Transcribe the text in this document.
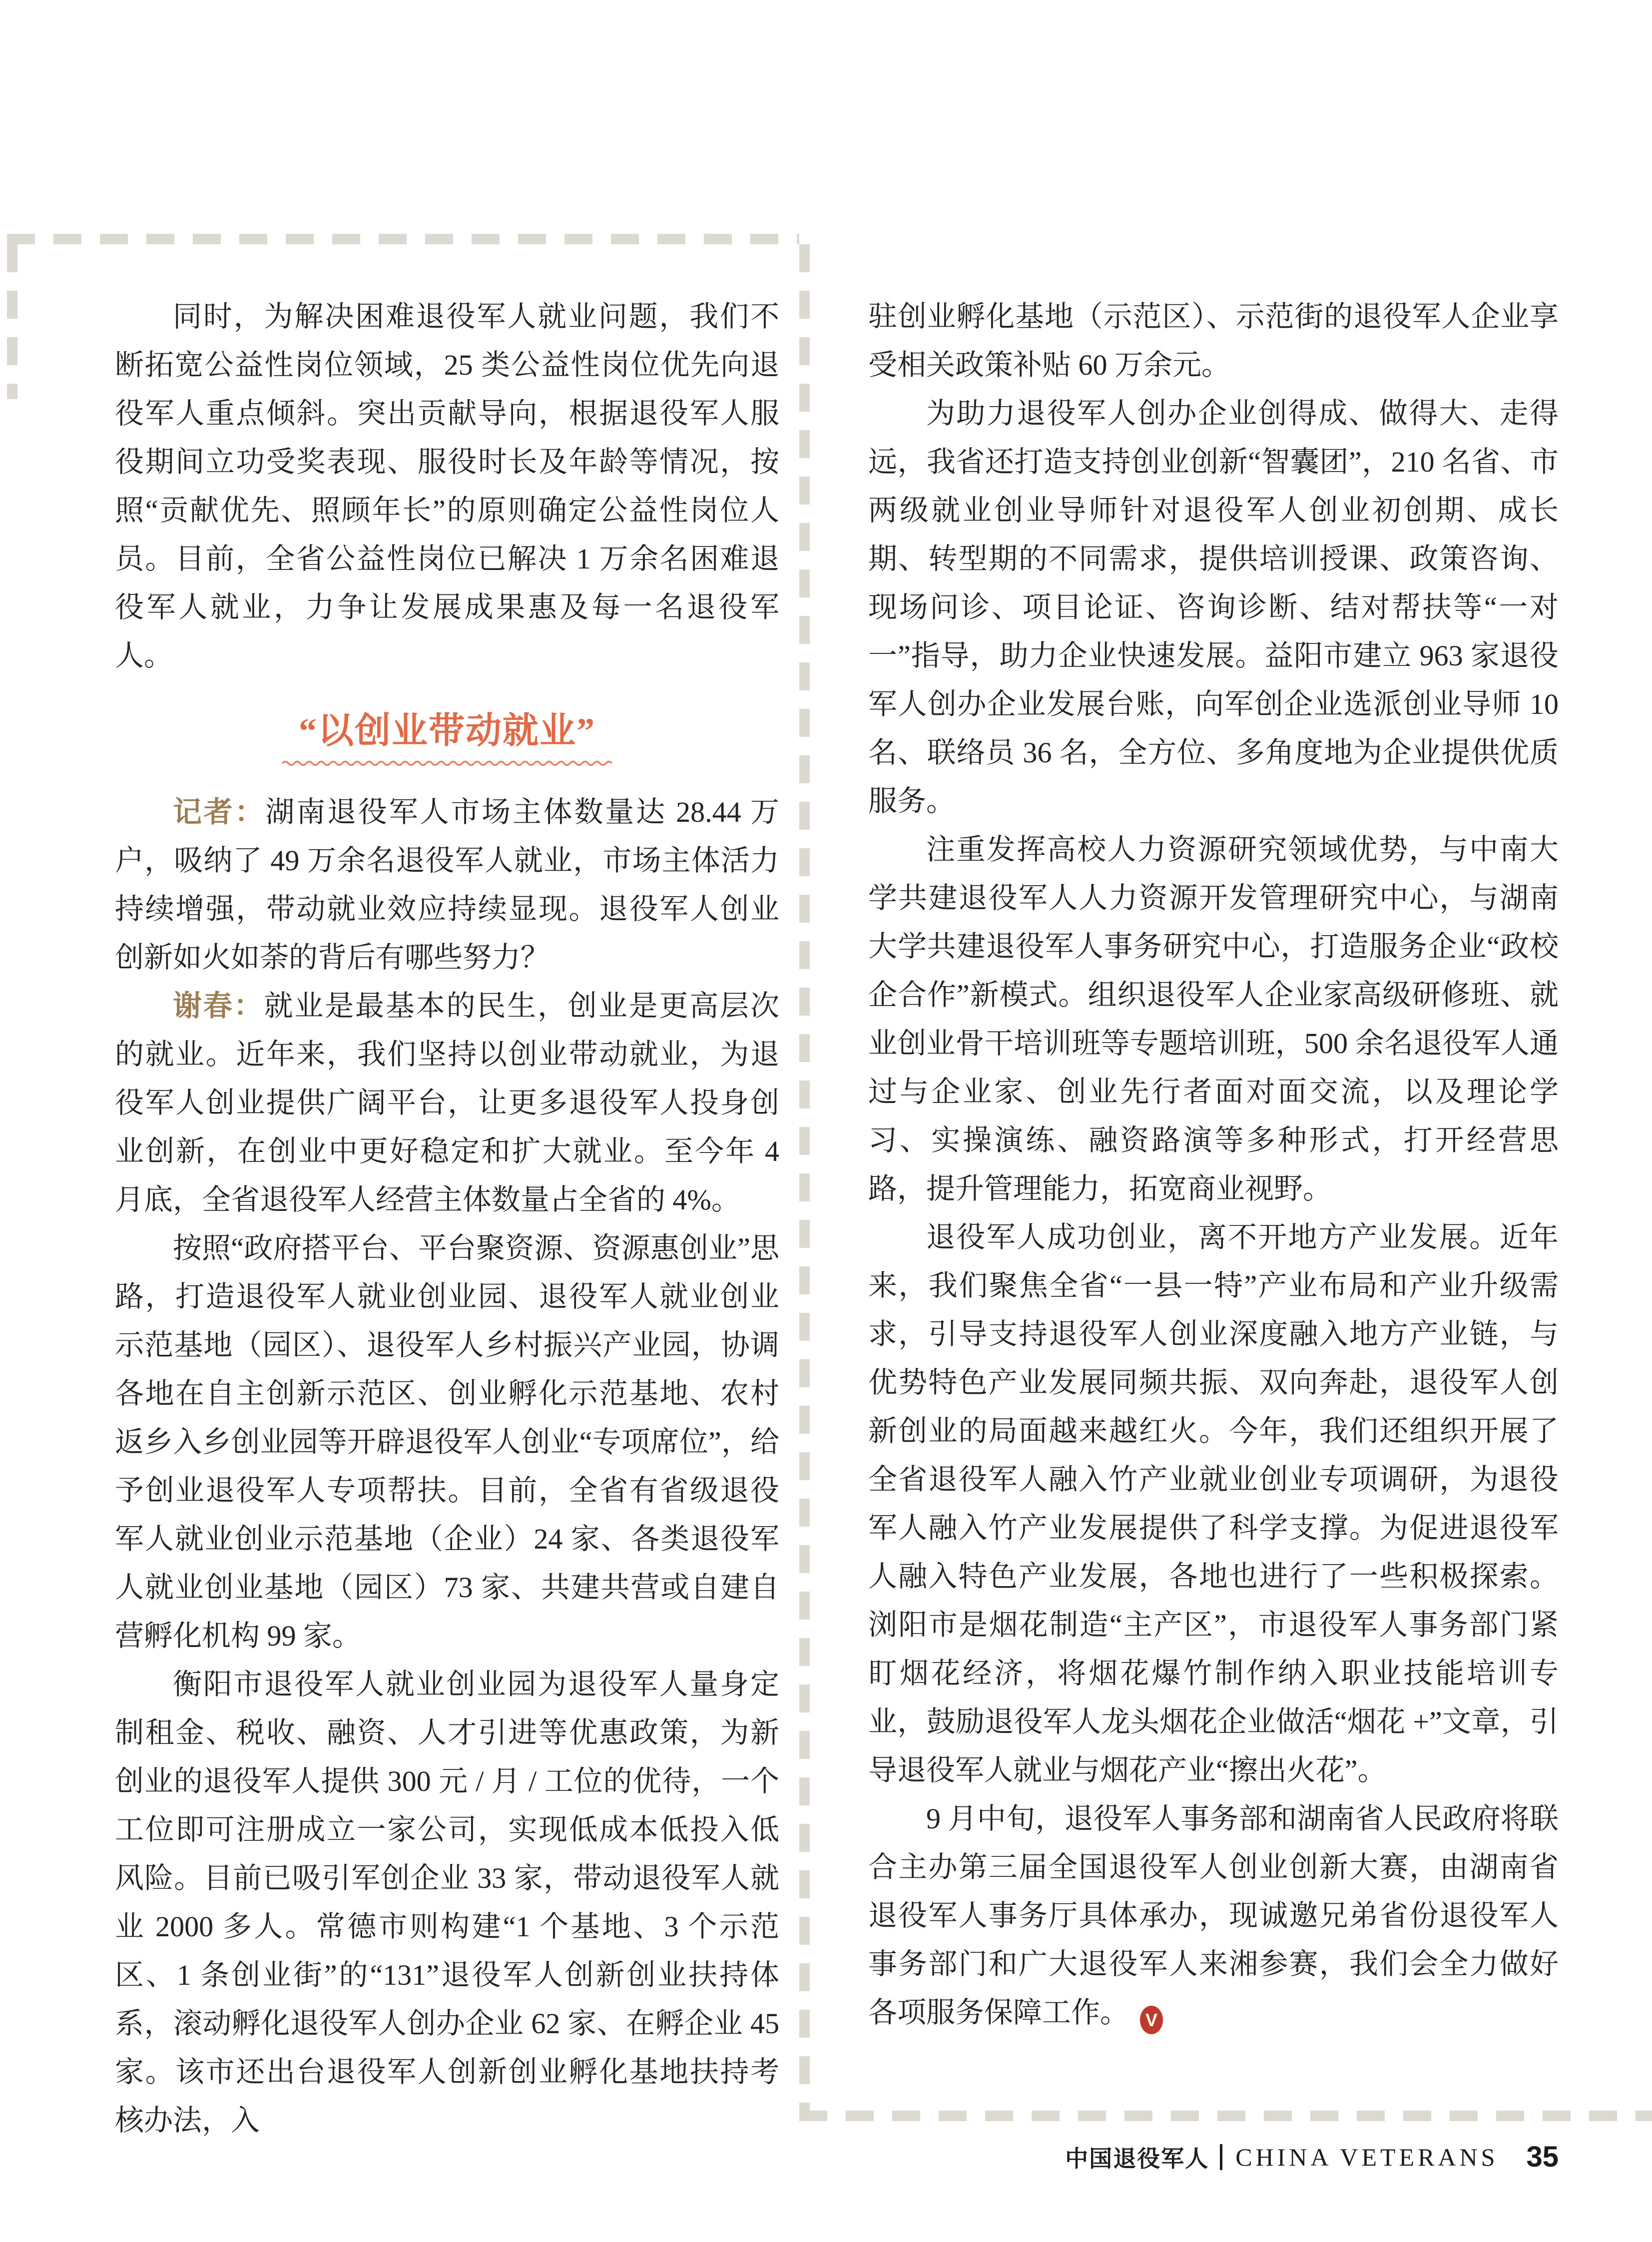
同时，为解决困难退役军人就业问题，我们不断拓宽公益性岗位领域，25 类公益性岗位优先向退役军人重点倾斜。突出贡献导向，根据退役军人服役期间立功受奖表现、服役时长及年龄等情况，按照“贡献优先、照顾年长”的原则确定公益性岗位人员。目前，全省公益性岗位已解决 1 万余名困难退役军人就业，力争让发展成果惠及每一名退役军人。

“以创业带动就业”

记者：湖南退役军人市场主体数量达 28.44 万户，吸纳了 49 万余名退役军人就业，市场主体活力持续增强，带动就业效应持续显现。退役军人创业创新如火如荼的背后有哪些努力？

谢春：就业是最基本的民生，创业是更高层次的就业。近年来，我们坚持以创业带动就业，为退役军人创业提供广阔平台，让更多退役军人投身创业创新，在创业中更好稳定和扩大就业。至今年 4 月底，全省退役军人经营主体数量占全省的 4%。

按照“政府搭平台、平台聚资源、资源惠创业”思路，打造退役军人就业创业园、退役军人就业创业示范基地（园区）、退役军人乡村振兴产业园，协调各地在自主创新示范区、创业孵化示范基地、农村返乡入乡创业园等开辟退役军人创业“专项席位”，给予创业退役军人专项帮扶。目前，全省有省级退役军人就业创业示范基地（企业）24 家、各类退役军人就业创业基地（园区）73 家、共建共营或自建自营孵化机构 99 家。

衡阳市退役军人就业创业园为退役军人量身定制租金、税收、融资、人才引进等优惠政策，为新创业的退役军人提供 300 元 / 月 / 工位的优待，一个工位即可注册成立一家公司，实现低成本低投入低风险。目前已吸引军创企业 33 家，带动退役军人就业 2000 多人。常德市则构建“1 个基地、3 个示范区、1 条创业街”的“131”退役军人创新创业扶持体系，滚动孵化退役军人创办企业 62 家、在孵企业 45 家。该市还出台退役军人创新创业孵化基地扶持考核办法，入

驻创业孵化基地（示范区）、示范街的退役军人企业享受相关政策补贴 60 万余元。

为助力退役军人创办企业创得成、做得大、走得远，我省还打造支持创业创新“智囊团”，210 名省、市两级就业创业导师针对退役军人创业初创期、成长期、转型期的不同需求，提供培训授课、政策咨询、现场问诊、项目论证、咨询诊断、结对帮扶等“一对一”指导，助力企业快速发展。益阳市建立 963 家退役军人创办企业发展台账，向军创企业选派创业导师 10 名、联络员 36 名，全方位、多角度地为企业提供优质服务。

注重发挥高校人力资源研究领域优势，与中南大学共建退役军人人力资源开发管理研究中心，与湖南大学共建退役军人事务研究中心，打造服务企业“政校企合作”新模式。组织退役军人企业家高级研修班、就业创业骨干培训班等专题培训班，500 余名退役军人通过与企业家、创业先行者面对面交流，以及理论学习、实操演练、融资路演等多种形式，打开经营思路，提升管理能力，拓宽商业视野。

退役军人成功创业，离不开地方产业发展。近年来，我们聚焦全省“一县一特”产业布局和产业升级需求，引导支持退役军人创业深度融入地方产业链，与优势特色产业发展同频共振、双向奔赴，退役军人创新创业的局面越来越红火。今年，我们还组织开展了全省退役军人融入竹产业就业创业专项调研，为退役军人融入竹产业发展提供了科学支撑。为促进退役军人融入特色产业发展，各地也进行了一些积极探索。浏阳市是烟花制造“主产区”，市退役军人事务部门紧盯烟花经济，将烟花爆竹制作纳入职业技能培训专业，鼓励退役军人龙头烟花企业做活“烟花 +”文章，引导退役军人就业与烟花产业“擦出火花”。

9 月中旬，退役军人事务部和湖南省人民政府将联合主办第三届全国退役军人创业创新大赛，由湖南省退役军人事务厅具体承办，现诚邀兄弟省份退役军人事务部门和广大退役军人来湘参赛，我们会全力做好各项服务保障工作。 V

中国退役军人 CHINA VETERANS 35
